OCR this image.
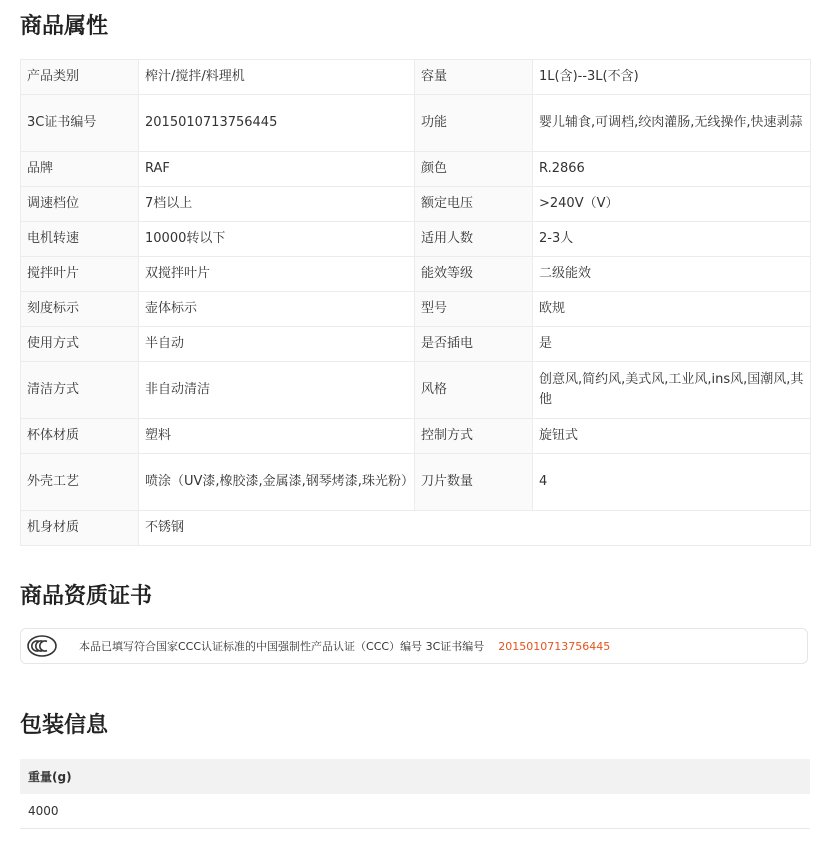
商品属性
产品类别	榨汁/搅拌/料理机	容量	1L(含)--3L(不含)
3C证书编号	2015010713756445	功能	婴儿辅食,可调档,绞肉灌肠,无线操作,快速剥蒜
品牌	RAF	颜色	R.2866
调速档位	7档以上	额定电压	>240V（V）
电机转速	10000转以下	适用人数	2-3人
搅拌叶片	双搅拌叶片	能效等级	二级能效
刻度标示	壶体标示	型号	欧规
使用方式	半自动	是否插电	是
清洁方式	非自动清洁	风格	创意风,简约风,美式风,工业风,ins风,国潮风,其他
杯体材质	塑料	控制方式	旋钮式
外壳工艺	喷涂（UV漆,橡胶漆,金属漆,钢琴烤漆,珠光粉）	刀片数量	4
机身材质	不锈钢		
商品资质证书
本品已填写符合国家CCC认证标准的中国强制性产品认证（CCC）编号 3C证书编号 2015010713756445
包装信息
重量(g)
4000
